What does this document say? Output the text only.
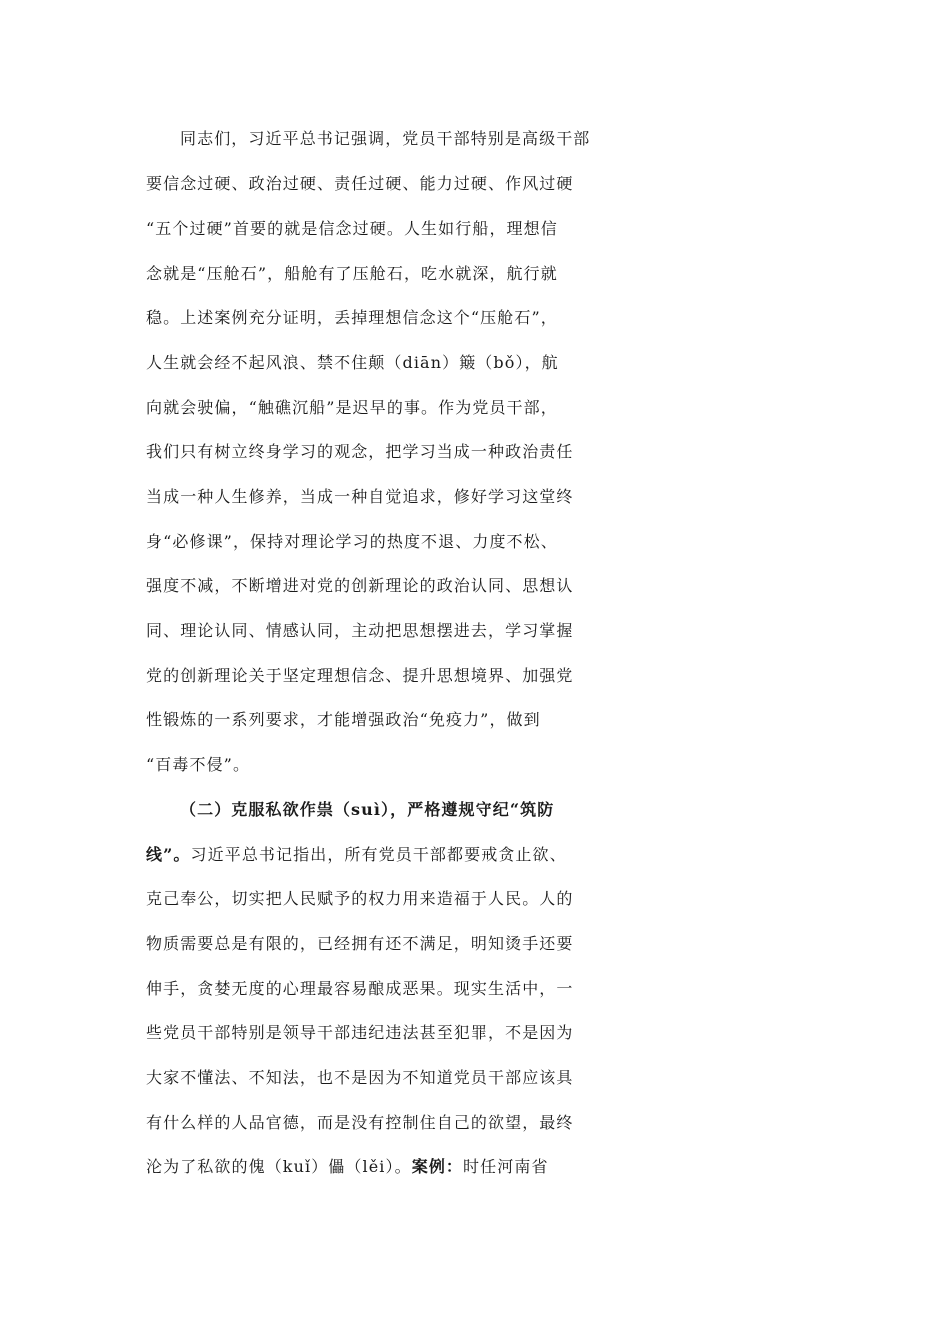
同志们，习近平总书记强调，党员干部特别是高级干部
要信念过硬、政治过硬、责任过硬、能力过硬、作风过硬
“五个过硬”首要的就是信念过硬。人生如行船，理想信
念就是“压舱石”，船舱有了压舱石，吃水就深，航行就
稳。上述案例充分证明，丢掉理想信念这个“压舱石”，
人生就会经不起风浪、禁不住颠（diān）簸（bǒ），航
向就会驶偏，“触礁沉船”是迟早的事。作为党员干部，
我们只有树立终身学习的观念，把学习当成一种政治责任
当成一种人生修养，当成一种自觉追求，修好学习这堂终
身“必修课”，保持对理论学习的热度不退、力度不松、
强度不减，不断增进对党的创新理论的政治认同、思想认
同、理论认同、情感认同，主动把思想摆进去，学习掌握
党的创新理论关于坚定理想信念、提升思想境界、加强党
性锻炼的一系列要求，才能增强政治“免疫力”，做到
“百毒不侵”。
（二）克服私欲作祟（suì），严格遵规守纪“筑防
线”。习近平总书记指出，所有党员干部都要戒贪止欲、
克己奉公，切实把人民赋予的权力用来造福于人民。人的
物质需要总是有限的，已经拥有还不满足，明知烫手还要
伸手，贪婪无度的心理最容易酿成恶果。现实生活中，一
些党员干部特别是领导干部违纪违法甚至犯罪，不是因为
大家不懂法、不知法，也不是因为不知道党员干部应该具
有什么样的人品官德，而是没有控制住自己的欲望，最终
沦为了私欲的傀（kuǐ）儡（lěi）。案例：时任河南省
